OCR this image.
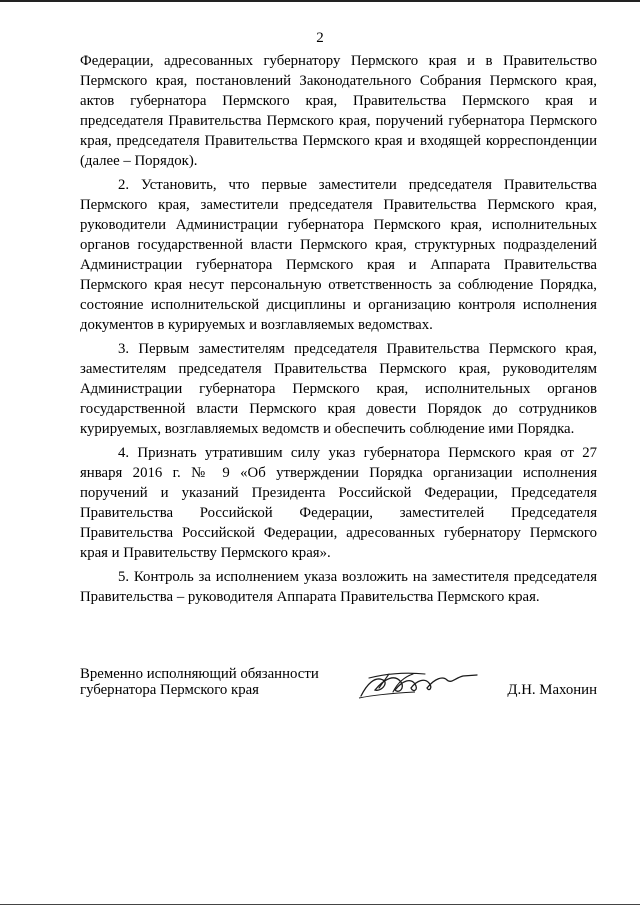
2

Федерации, адресованных губернатору Пермского края и в Правительство Пермского края, постановлений Законодательного Собрания Пермского края, актов губернатора Пермского края, Правительства Пермского края и председателя Правительства Пермского края, поручений губернатора Пермского края, председателя Правительства Пермского края и входящей корреспонденции (далее – Порядок).

2. Установить, что первые заместители председателя Правительства Пермского края, заместители председателя Правительства Пермского края, руководители Администрации губернатора Пермского края, исполнительных органов государственной власти Пермского края, структурных подразделений Администрации губернатора Пермского края и Аппарата Правительства Пермского края несут персональную ответственность за соблюдение Порядка, состояние исполнительской дисциплины и организацию контроля исполнения документов в курируемых и возглавляемых ведомствах.

3. Первым заместителям председателя Правительства Пермского края, заместителям председателя Правительства Пермского края, руководителям Администрации губернатора Пермского края, исполнительных органов государственной власти Пермского края довести Порядок до сотрудников курируемых, возглавляемых ведомств и обеспечить соблюдение ими Порядка.

4. Признать утратившим силу указ губернатора Пермского края от 27 января 2016 г. № 9 «Об утверждении Порядка организации исполнения поручений и указаний Президента Российской Федерации, Председателя Правительства Российской Федерации, заместителей Председателя Правительства Российской Федерации, адресованных губернатору Пермского края и Правительству Пермского края».

5. Контроль за исполнением указа возложить на заместителя председателя Правительства – руководителя Аппарата Правительства Пермского края.

Временно исполняющий обязанности
губернатора Пермского края	Д.Н. Махонин
